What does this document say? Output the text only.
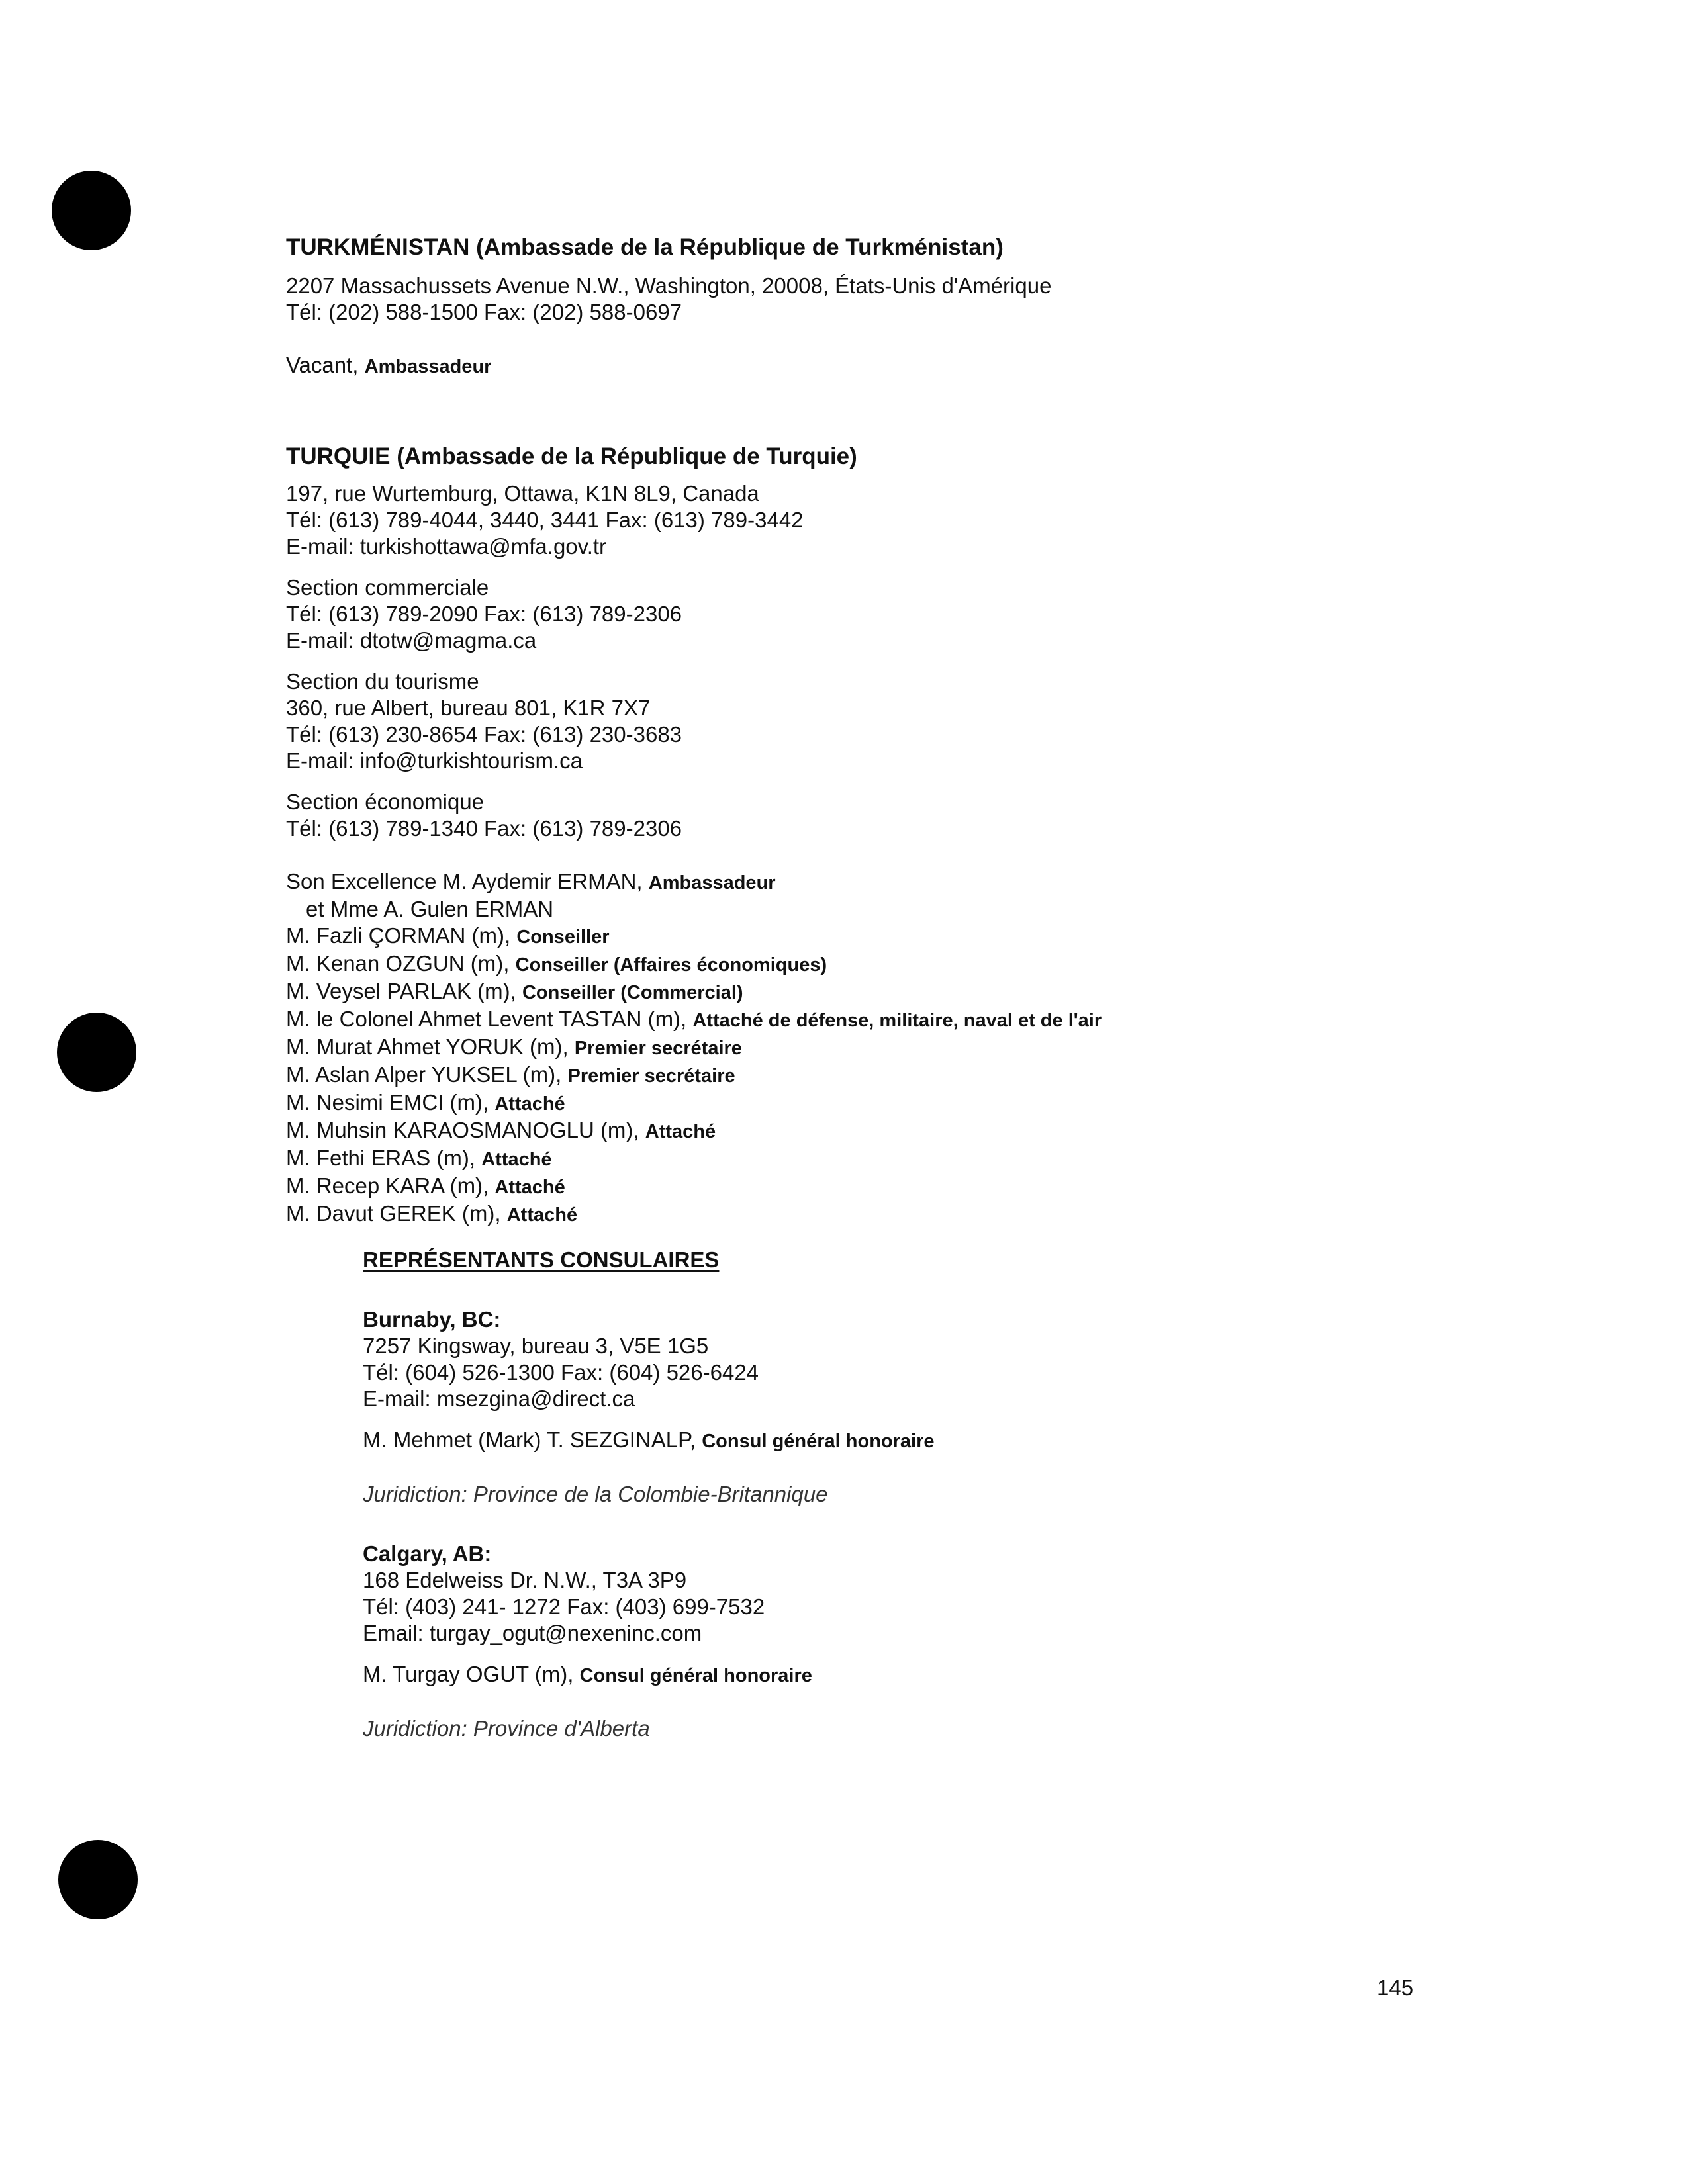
TURKMÉNISTAN (Ambassade de la République de Turkménistan)

2207 Massachussets Avenue N.W., Washington, 20008, États-Unis d'Amérique

Tél: (202) 588-1500 Fax: (202) 588-0697

Vacant, Ambassadeur

TURQUIE (Ambassade de la République de Turquie)

197, rue Wurtemburg, Ottawa, K1N 8L9, Canada

Tél: (613) 789-4044, 3440, 3441 Fax: (613) 789-3442

E-mail: turkishottawa@mfa.gov.tr

Section commerciale

Tél: (613) 789-2090 Fax: (613) 789-2306

E-mail: dtotw@magma.ca

Section du tourisme

360, rue Albert, bureau 801, K1R 7X7

Tél: (613) 230-8654 Fax: (613) 230-3683

E-mail: info@turkishtourism.ca

Section économique

Tél: (613) 789-1340 Fax: (613) 789-2306

Son Excellence M. Aydemir ERMAN, Ambassadeur

et Mme A. Gulen ERMAN

M. Fazli ÇORMAN (m), Conseiller

M. Kenan OZGUN (m), Conseiller (Affaires économiques)

M. Veysel PARLAK (m), Conseiller (Commercial)

M. le Colonel Ahmet Levent TASTAN (m), Attaché de défense, militaire, naval et de l'air

M. Murat Ahmet YORUK (m), Premier secrétaire

M. Aslan Alper YUKSEL (m), Premier secrétaire

M. Nesimi EMCI (m), Attaché

M. Muhsin KARAOSMANOGLU (m), Attaché

M. Fethi ERAS (m), Attaché

M. Recep KARA (m), Attaché

M. Davut GEREK (m), Attaché

REPRÉSENTANTS CONSULAIRES

Burnaby, BC:

7257 Kingsway, bureau 3, V5E 1G5

Tél: (604) 526-1300 Fax: (604) 526-6424

E-mail: msezgina@direct.ca

M. Mehmet (Mark) T. SEZGINALP, Consul général honoraire

Juridiction: Province de la Colombie-Britannique

Calgary, AB:

168 Edelweiss Dr. N.W., T3A 3P9

Tél: (403) 241- 1272 Fax: (403) 699-7532

Email: turgay_ogut@nexeninc.com

M. Turgay OGUT (m), Consul général honoraire

Juridiction: Province d'Alberta

145
